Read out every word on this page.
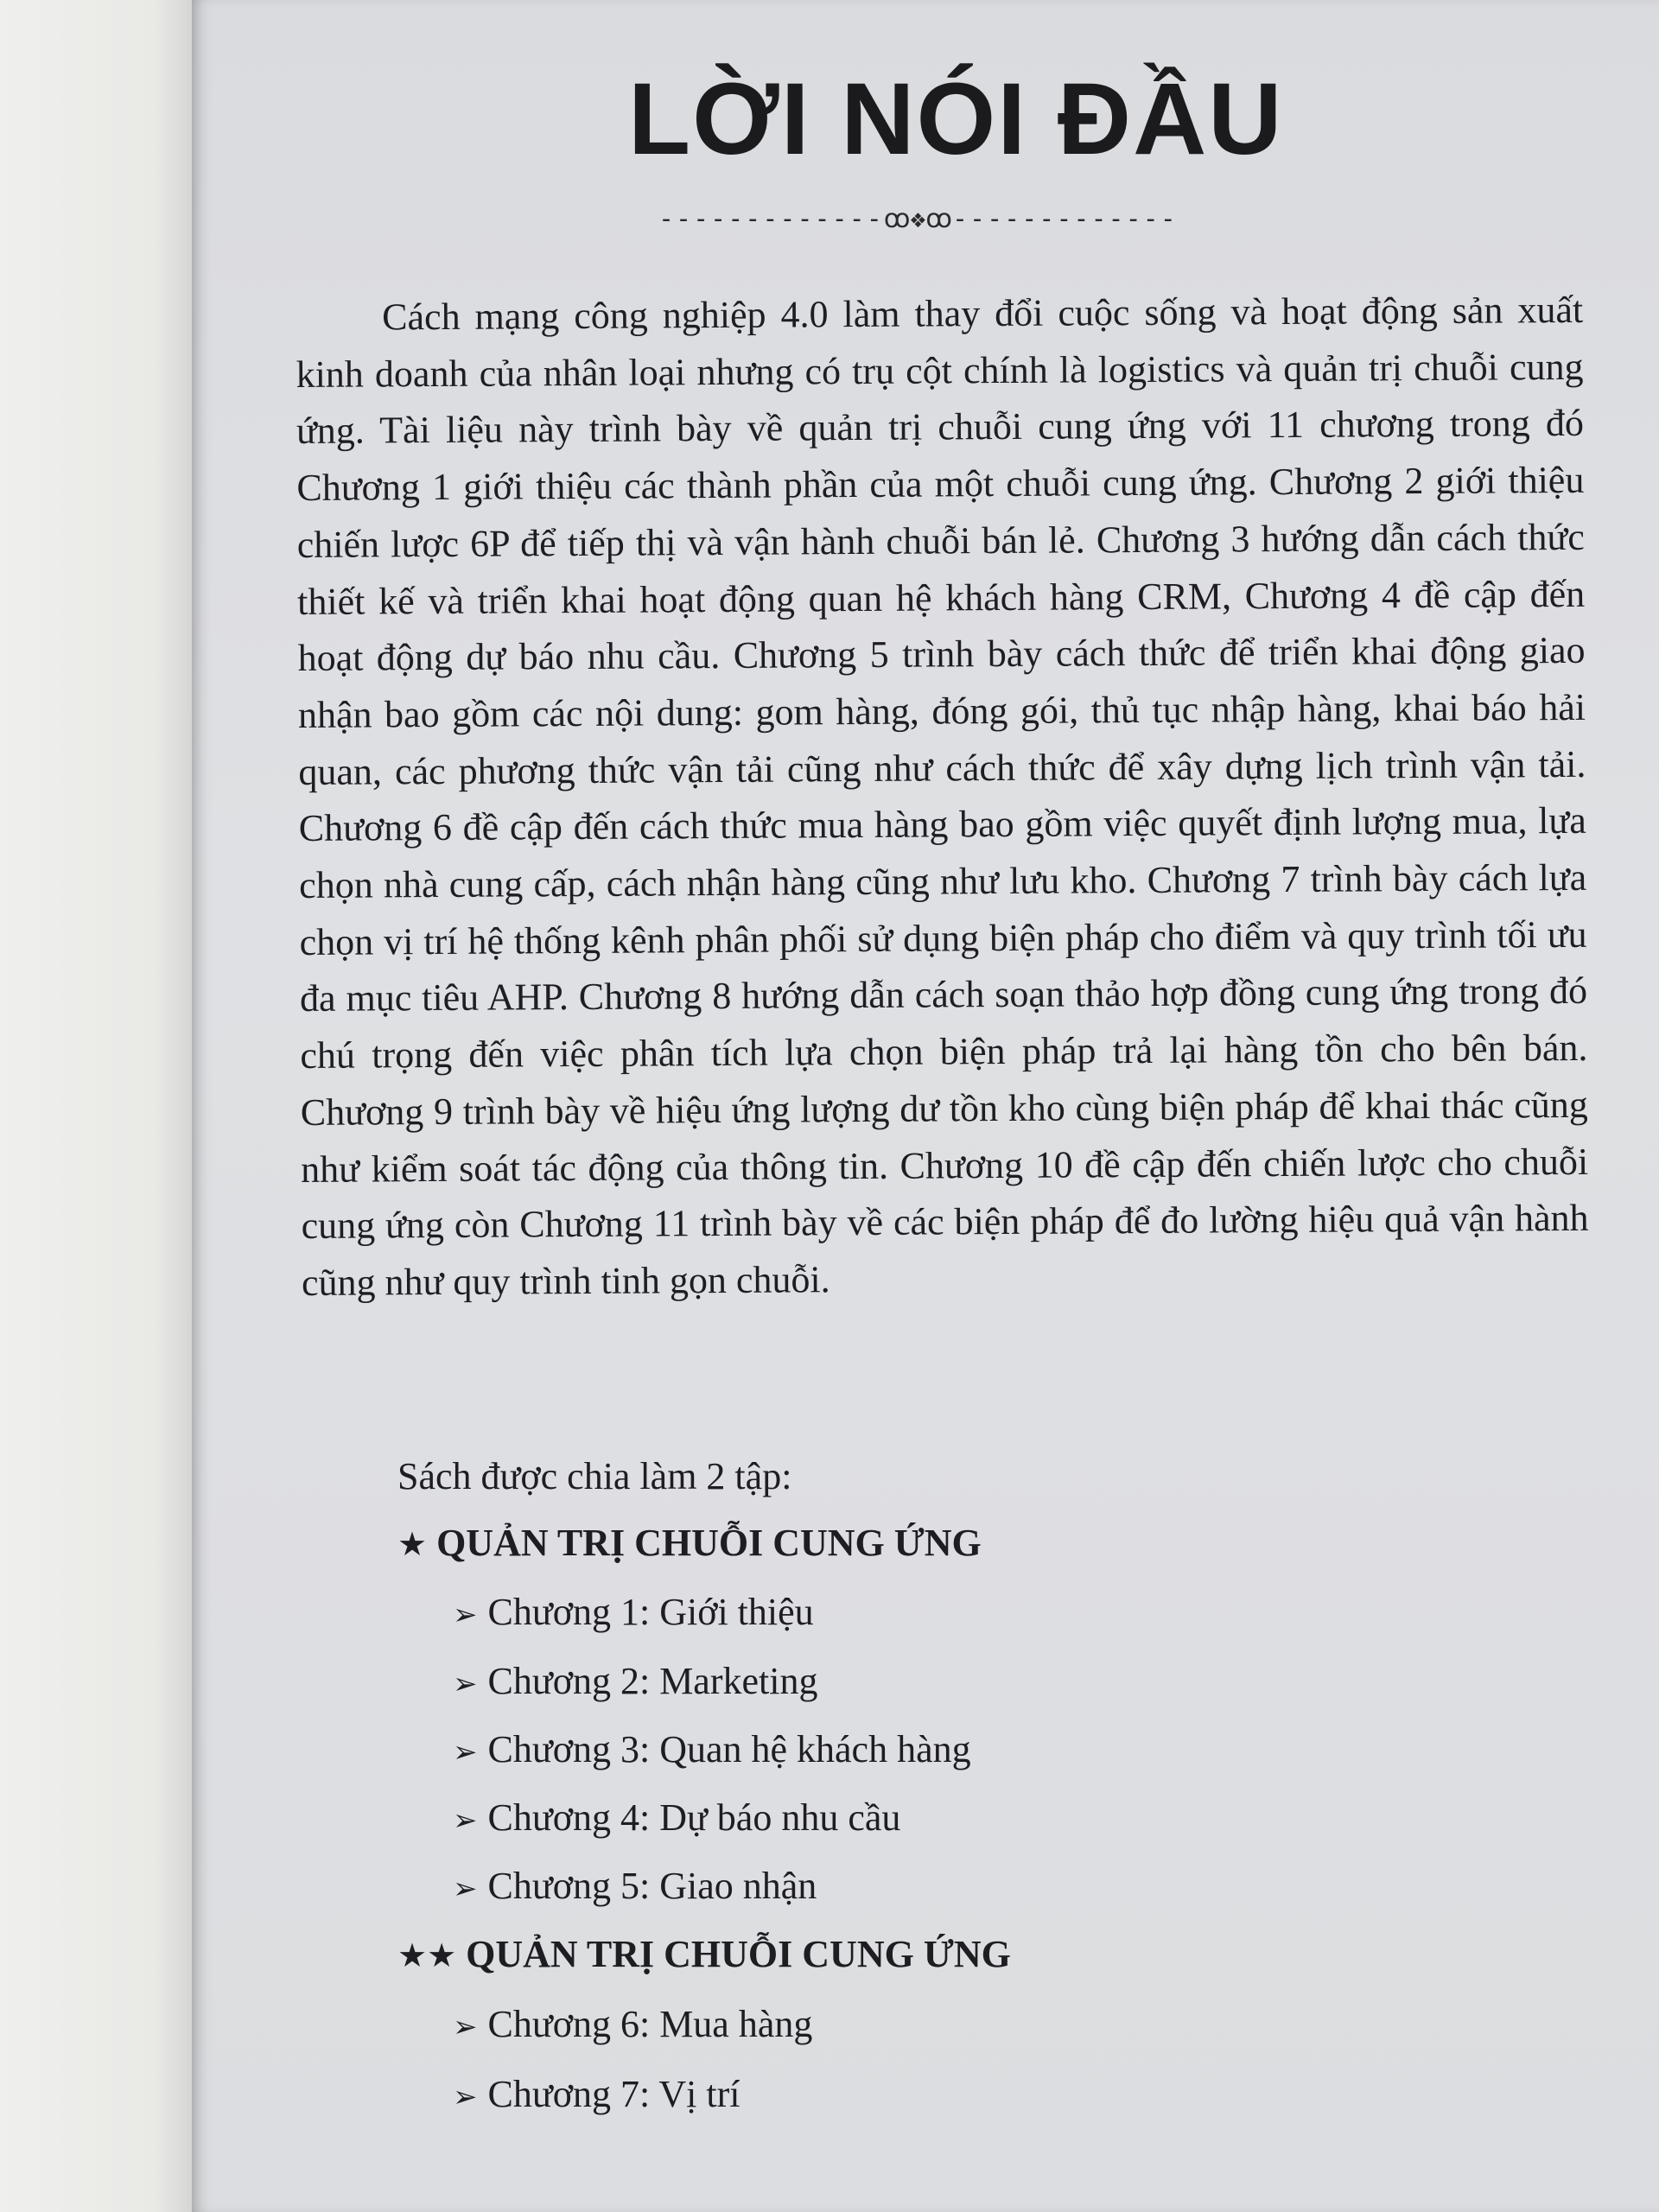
LỜI NÓI ĐẦU
-------------ꝏ❖ꝏ-------------

Cách mạng công nghiệp 4.0 làm thay đổi cuộc sống và hoạt động sản xuất kinh doanh của nhân loại nhưng có trụ cột chính là logistics và quản trị chuỗi cung ứng. Tài liệu này trình bày về quản trị chuỗi cung ứng với 11 chương trong đó Chương 1 giới thiệu các thành phần của một chuỗi cung ứng. Chương 2 giới thiệu chiến lược 6P để tiếp thị và vận hành chuỗi bán lẻ. Chương 3 hướng dẫn cách thức thiết kế và triển khai hoạt động quan hệ khách hàng CRM, Chương 4 đề cập đến hoạt động dự báo nhu cầu. Chương 5 trình bày cách thức để triển khai động giao nhận bao gồm các nội dung: gom hàng, đóng gói, thủ tục nhập hàng, khai báo hải quan, các phương thức vận tải cũng như cách thức để xây dựng lịch trình vận tải. Chương 6 đề cập đến cách thức mua hàng bao gồm việc quyết định lượng mua, lựa chọn nhà cung cấp, cách nhận hàng cũng như lưu kho. Chương 7 trình bày cách lựa chọn vị trí hệ thống kênh phân phối sử dụng biện pháp cho điểm và quy trình tối ưu đa mục tiêu AHP. Chương 8 hướng dẫn cách soạn thảo hợp đồng cung ứng trong đó chú trọng đến việc phân tích lựa chọn biện pháp trả lại hàng tồn cho bên bán. Chương 9 trình bày về hiệu ứng lượng dư tồn kho cùng biện pháp để khai thác cũng như kiểm soát tác động của thông tin. Chương 10 đề cập đến chiến lược cho chuỗi cung ứng còn Chương 11 trình bày về các biện pháp để đo lường hiệu quả vận hành cũng như quy trình tinh gọn chuỗi.

Sách được chia làm 2 tập:

★ QUẢN TRỊ CHUỖI CUNG ỨNG

➢ Chương 1: Giới thiệu

➢ Chương 2: Marketing

➢ Chương 3: Quan hệ khách hàng

➢ Chương 4: Dự báo nhu cầu

➢ Chương 5: Giao nhận

★★ QUẢN TRỊ CHUỖI CUNG ỨNG

➢ Chương 6: Mua hàng

➢ Chương 7: Vị trí
